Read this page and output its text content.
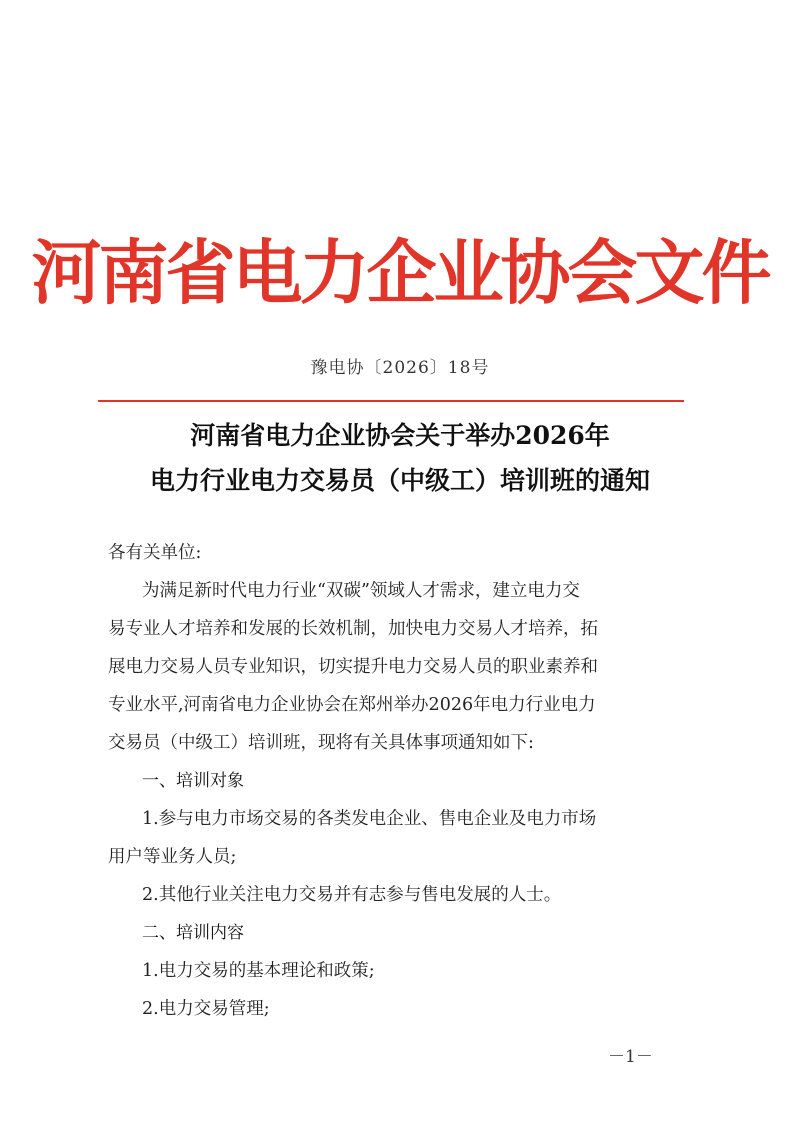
河南省电力企业协会文件
豫电协〔2026〕18号
河南省电力企业协会关于举办2026年
电力行业电力交易员（中级工）培训班的通知
各有关单位:
为满足新时代电力行业“双碳”领域人才需求，建立电力交
易专业人才培养和发展的长效机制，加快电力交易人才培养，拓
展电力交易人员专业知识，切实提升电力交易人员的职业素养和
专业水平,河南省电力企业协会在郑州举办2026年电力行业电力
交易员（中级工）培训班，现将有关具体事项通知如下:
一、培训对象
1.参与电力市场交易的各类发电企业、售电企业及电力市场
用户等业务人员;
2.其他行业关注电力交易并有志参与售电发展的人士。
二、培训内容
1.电力交易的基本理论和政策;
2.电力交易管理;
－1－
